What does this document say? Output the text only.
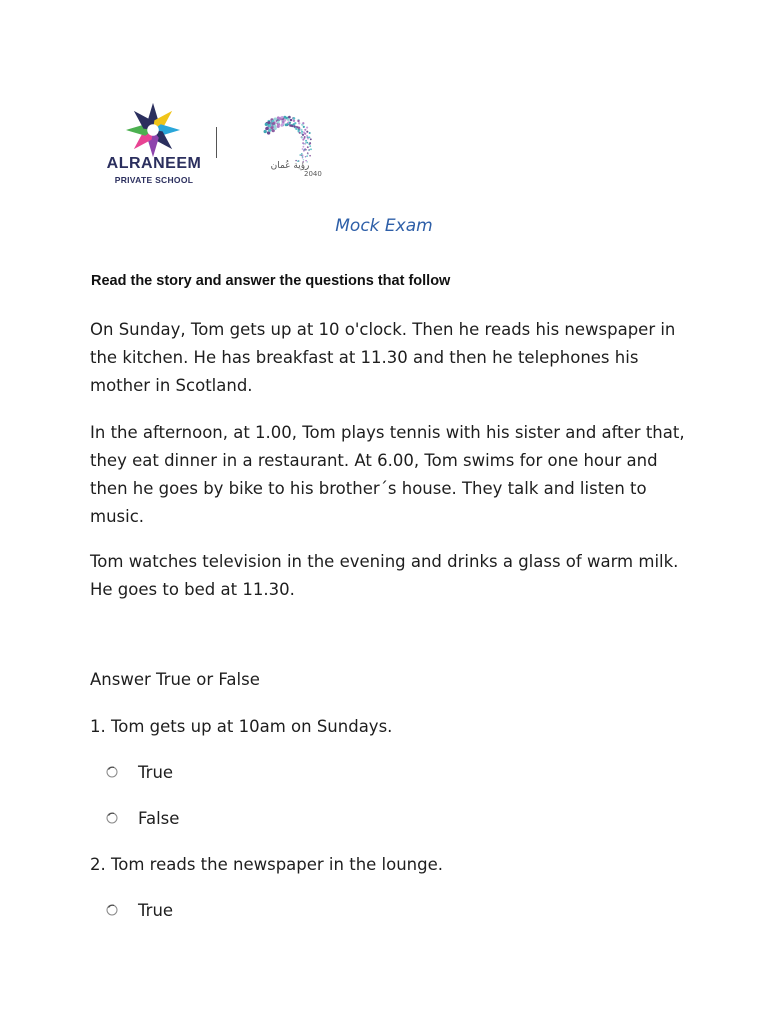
ALRANEEM
PRIVATE SCHOOL
رؤية عُمان
2040
Mock Exam
Read the story and answer the questions that follow

On Sunday, Tom gets up at 10 o'clock. Then he reads his newspaper in the kitchen. He has breakfast at 11.30 and then he telephones his mother in Scotland.

In the afternoon, at 1.00, Tom plays tennis with his sister and after that, they eat dinner in a restaurant. At 6.00, Tom swims for one hour and then he goes by bike to his brother´s house. They talk and listen to music.

Tom watches television in the evening and drinks a glass of warm milk. He goes to bed at 11.30.

Answer True or False
1. Tom gets up at 10am on Sundays.
True
False
2. Tom reads the newspaper in the lounge.
True
